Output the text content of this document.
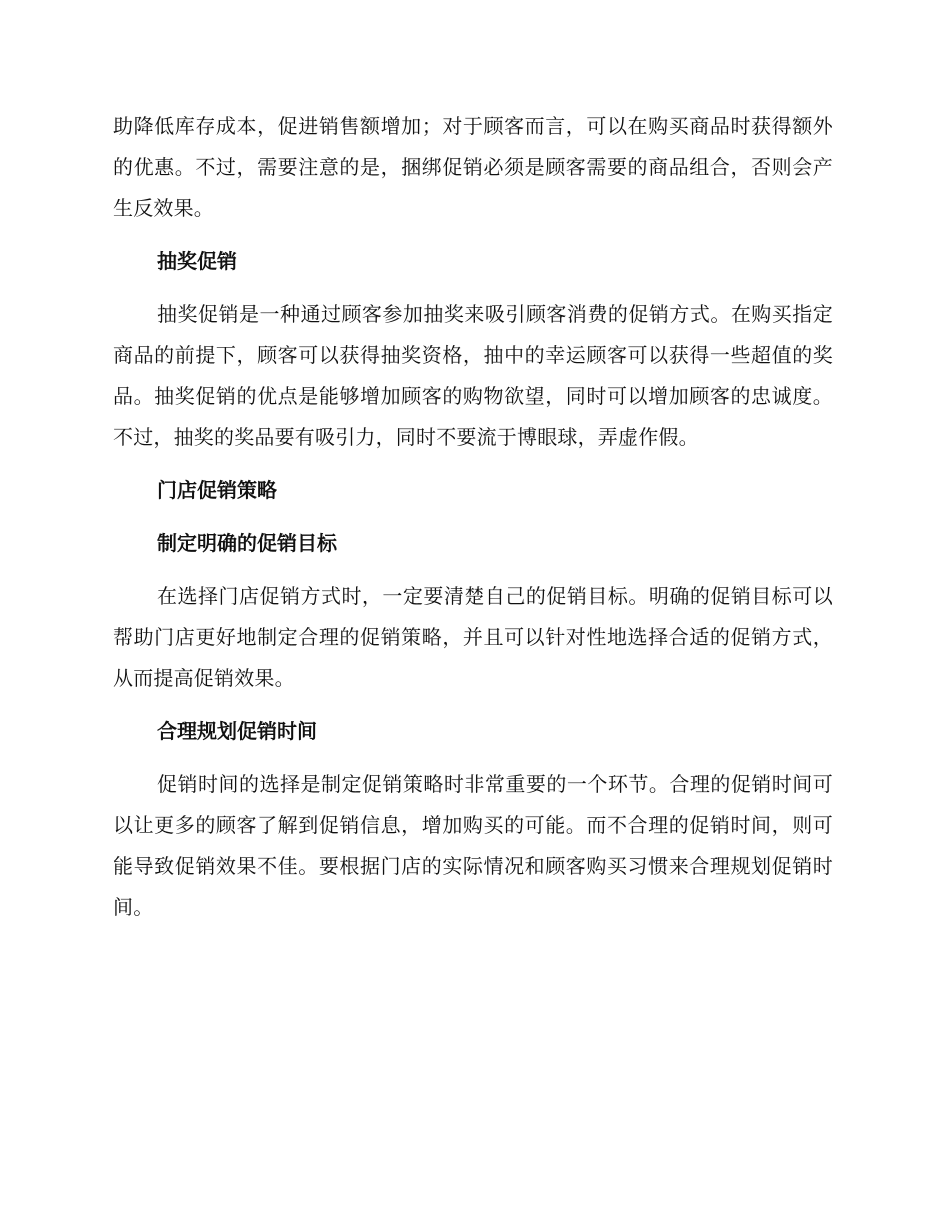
助降低库存成本，促进销售额增加；对于顾客而言，可以在购买商品时获得额外的优惠。不过，需要注意的是，捆绑促销必须是顾客需要的商品组合，否则会产生反效果。

抽奖促销

抽奖促销是一种通过顾客参加抽奖来吸引顾客消费的促销方式。在购买指定商品的前提下，顾客可以获得抽奖资格，抽中的幸运顾客可以获得一些超值的奖品。抽奖促销的优点是能够增加顾客的购物欲望，同时可以增加顾客的忠诚度。不过，抽奖的奖品要有吸引力，同时不要流于博眼球，弄虚作假。

门店促销策略
制定明确的促销目标

在选择门店促销方式时，一定要清楚自己的促销目标。明确的促销目标可以帮助门店更好地制定合理的促销策略，并且可以针对性地选择合适的促销方式，从而提高促销效果。

合理规划促销时间

促销时间的选择是制定促销策略时非常重要的一个环节。合理的促销时间可以让更多的顾客了解到促销信息，增加购买的可能。而不合理的促销时间，则可能导致促销效果不佳。要根据门店的实际情况和顾客购买习惯来合理规划促销时间。
